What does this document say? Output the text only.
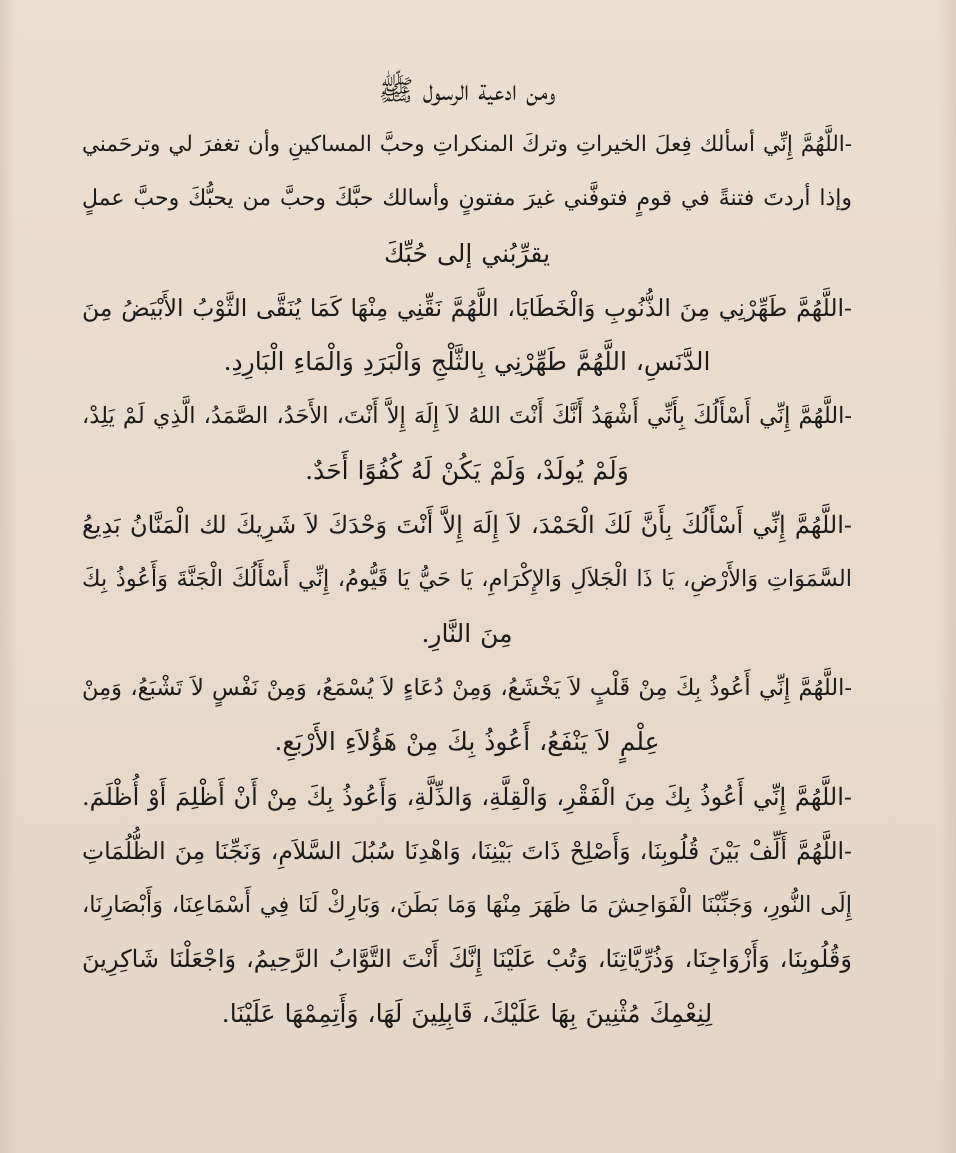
ومن ادعية الرسول ﷺ
-اللَّهُمَّ إِنِّي أسألك فِعلَ الخيراتِ وتركَ المنكراتِ وحبَّ المساكينِ وأن تغفرَ لي وترحَمني
وإذا أردتَ فتنةً في قومٍ فتوفَّني غيرَ مفتونٍ وأسالك حبَّكَ وحبَّ من يحبُّكَ وحبَّ عملٍ
يقرِّبُني إلى حُبِّكَ
-اللَّهُمَّ طَهِّرْنِي مِنَ الذُّنُوبِ وَالْخَطَايَا، اللَّهُمَّ نَقِّنِي مِنْهَا كَمَا يُنَقَّى الثَّوْبُ الأَبْيَضُ مِنَ
الدَّنَسِ، اللَّهُمَّ طَهِّرْنِي بِالثَّلْجِ وَالْبَرَدِ وَالْمَاءِ الْبَارِدِ.
-اللَّهُمَّ إِنِّي أَسْأَلُكَ بِأَنِّي أَشْهَدُ أَنَّكَ أَنْتَ اللهُ لاَ إِلَهَ إِلاَّ أَنْتَ، الأَحَدُ، الصَّمَدُ، الَّذِي لَمْ يَلِدْ،
وَلَمْ يُولَدْ، وَلَمْ يَكُنْ لَهُ كُفُوًا أَحَدٌ.
-اللَّهُمَّ إِنِّي أَسْأَلُكَ بِأَنَّ لَكَ الْحَمْدَ، لاَ إِلَهَ إِلاَّ أَنْتَ وَحْدَكَ لاَ شَرِيكَ لك الْمَنَّانُ بَدِيعُ
السَّمَوَاتِ وَالأَرْضِ، يَا ذَا الْجَلاَلِ وَالإِكْرَامِ، يَا حَيُّ يَا قَيُّومُ، إِنِّي أَسْأَلُكَ الْجَنَّةَ وَأَعُوذُ بِكَ
مِنَ النَّارِ.
-اللَّهُمَّ إِنِّي أَعُوذُ بِكَ مِنْ قَلْبٍ لاَ يَخْشَعُ، وَمِنْ دُعَاءٍ لاَ يُسْمَعُ، وَمِنْ نَفْسٍ لاَ تَشْبَعُ، وَمِنْ
عِلْمٍ لاَ يَنْفَعُ، أَعُوذُ بِكَ مِنْ هَؤُلاَءِ الأَرْبَعِ.
-اللَّهُمَّ إِنِّي أَعُوذُ بِكَ مِنَ الْفَقْرِ، وَالْقِلَّةِ، وَالذِّلَّةِ، وَأَعُوذُ بِكَ مِنْ أَنْ أَظْلِمَ أَوْ أُظْلَمَ.
-اللَّهُمَّ أَلِّفْ بَيْنَ قُلُوبِنَا، وَأَصْلِحْ ذَاتَ بَيْنِنَا، وَاهْدِنَا سُبُلَ السَّلاَمِ، وَنَجِّنَا مِنَ الظُّلُمَاتِ
إِلَى النُّورِ، وَجَنِّبْنَا الْفَوَاحِشَ مَا ظَهَرَ مِنْهَا وَمَا بَطَنَ، وَبَارِكْ لَنَا فِي أَسْمَاعِنَا، وَأَبْصَارِنَا،
وَقُلُوبِنَا، وَأَزْوَاجِنَا، وَذُرِّيَّاتِنَا، وَتُبْ عَلَيْنَا إِنَّكَ أَنْتَ التَّوَّابُ الرَّحِيمُ، وَاجْعَلْنَا شَاكِرِينَ
لِنِعْمِكَ مُثْنِينَ بِهَا عَلَيْكَ، قَابِلِينَ لَهَا، وَأَتِمِمْهَا عَلَيْنَا.
